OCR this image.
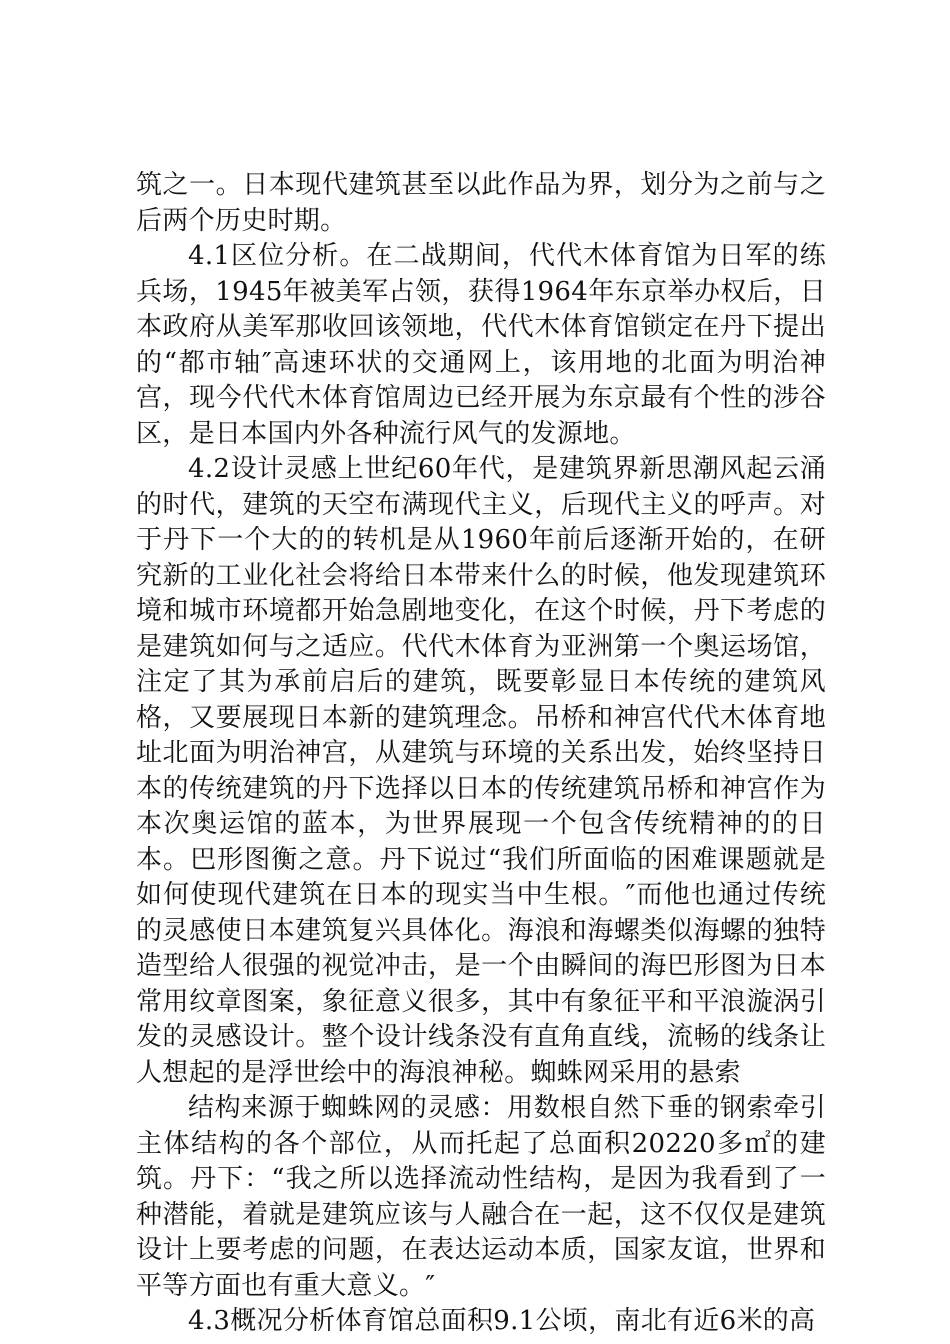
筑之一。日本现代建筑甚至以此作品为界，划分为之前与之后两个历史时期。

4.1区位分析。在二战期间，代代木体育馆为日军的练兵场，1945年被美军占领，获得1964年东京举办权后，日本政府从美军那收回该领地，代代木体育馆锁定在丹下提出的“都市轴″高速环状的交通网上，该用地的北面为明治神宫，现今代代木体育馆周边已经开展为东京最有个性的涉谷区，是日本国内外各种流行风气的发源地。

4.2设计灵感上世纪60年代，是建筑界新思潮风起云涌的时代，建筑的天空布满现代主义，后现代主义的呼声。对于丹下一个大的的转机是从1960年前后逐渐开始的，在研究新的工业化社会将给日本带来什么的时候，他发现建筑环境和城市环境都开始急剧地变化，在这个时候，丹下考虑的是建筑如何与之适应。代代木体育为亚洲第一个奥运场馆，注定了其为承前启后的建筑，既要彰显日本传统的建筑风格，又要展现日本新的建筑理念。吊桥和神宫代代木体育地址北面为明治神宫，从建筑与环境的关系出发，始终坚持日本的传统建筑的丹下选择以日本的传统建筑吊桥和神宫作为本次奥运馆的蓝本，为世界展现一个包含传统精神的的日本。巴形图衡之意。丹下说过“我们所面临的困难课题就是如何使现代建筑在日本的现实当中生根。″而他也通过传统的灵感使日本建筑复兴具体化。海浪和海螺类似海螺的独特造型给人很强的视觉冲击，是一个由瞬间的海巴形图为日本常用纹章图案，象征意义很多，其中有象征平和平浪漩涡引发的灵感设计。整个设计线条没有直角直线，流畅的线条让人想起的是浮世绘中的海浪神秘。蜘蛛网采用的悬索

结构来源于蜘蛛网的灵感：用数根自然下垂的钢索牵引主体结构的各个部位，从而托起了总面积20220多㎡的建筑。丹下：“我之所以选择流动性结构，是因为我看到了一种潜能，着就是建筑应该与人融合在一起，这不仅仅是建筑设计上要考虑的问题，在表达运动本质，国家友谊，世界和平等方面也有重大意义。″

4.3概况分析体育馆总面积9.1公顷，南北有近6米的高
